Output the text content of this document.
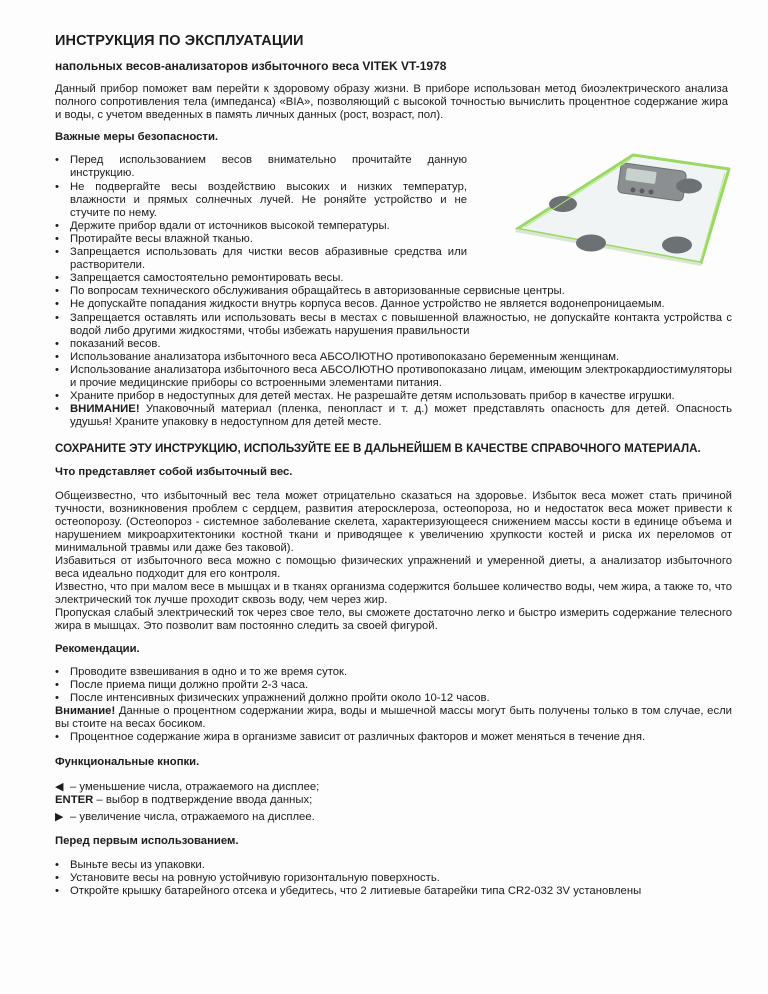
ИНСТРУКЦИЯ ПО ЭКСПЛУАТАЦИИ
напольных весов-анализаторов избыточного веса VITEK VT-1978

Данный прибор поможет вам перейти к здоровому образу жизни. В приборе использован метод биоэлектрического анализа полного сопротивления тела (импеданса) «BIA», позволяющий с высокой точностью вычислить процентное содержание жира и воды, с учетом введенных в память личных данных (рост, возраст, пол).

Важные меры безопасности.
• Перед использованием весов внимательно прочитайте данную инструкцию.
• Не подвергайте весы воздействию высоких и низких температур, влажности и прямых солнечных лучей. Не роняйте устройство и не стучите по нему.
• Держите прибор вдали от источников высокой температуры.
• Протирайте весы влажной тканью.
• Запрещается использовать для чистки весов абразивные средства или растворители.
• Запрещается самостоятельно ремонтировать весы.
• По вопросам технического обслуживания обращайтесь в авторизованные сервисные центры.
• Не допускайте попадания жидкости внутрь корпуса весов. Данное устройство не является водонепроницаемым.
• Запрещается оставлять или использовать весы в местах с повышенной влажностью, не допускайте контакта устройства с водой либо другими жидкостями, чтобы избежать нарушения правильности
• показаний весов.
• Использование анализатора избыточного веса АБСОЛЮТНО противопоказано беременным женщинам.
• Использование анализатора избыточного веса АБСОЛЮТНО противопоказано лицам, имеющим электрокардиостимуляторы и прочие медицинские приборы со встроенными элементами питания.
• Храните прибор в недоступных для детей местах. Не разрешайте детям использовать прибор в качестве игрушки.
• ВНИМАНИЕ! Упаковочный материал (пленка, пенопласт и т. д.) может представлять опасность для детей. Опасность удушья! Храните упаковку в недоступном для детей месте.
СОХРАНИТЕ ЭТУ ИНСТРУКЦИЮ, ИСПОЛЬЗУЙТЕ ЕЕ В ДАЛЬНЕЙШЕМ В КАЧЕСТВЕ СПРАВОЧНОГО МАТЕРИАЛА.
Что представляет собой избыточный вес.

Общеизвестно, что избыточный вес тела может отрицательно сказаться на здоровье. Избыток веса может стать причиной тучности, возникновения проблем с сердцем, развития атеросклероза, остеопороза, но и недостаток веса может привести к остеопорозу. (Остеопороз - системное заболевание скелета, характеризующееся снижением массы кости в единице объема и нарушением микроархитектоники костной ткани и приводящее к увеличению хрупкости костей и риска их переломов от минимальной травмы или даже без таковой).

Избавиться от избыточного веса можно с помощью физических упражнений и умеренной диеты, а анализатор избыточного веса идеально подходит для его контроля.

Известно, что при малом весе в мышцах и в тканях организма содержится большее количество воды, чем жира, а также то, что электрический ток лучше проходит сквозь воду, чем через жир.

Пропуская слабый электрический ток через свое тело, вы сможете достаточно легко и быстро измерить содержание телесного жира в мышцах. Это позволит вам постоянно следить за своей фигурой.

Рекомендации.
• Проводите взвешивания в одно и то же время суток.
• После приема пищи должно пройти 2-3 часа.
• После интенсивных физических упражнений должно пройти около 10-12 часов.

Внимание! Данные о процентном содержании жира, воды и мышечной массы могут быть получены только в том случае, если вы стоите на весах босиком.

• Процентное содержание жира в организме зависит от различных факторов и может меняться в течение дня.
Функциональные кнопки.
◀ – уменьшение числа, отражаемого на дисплее;
ENTER – выбор в подтверждение ввода данных;
▶ – увеличение числа, отражаемого на дисплее.
Перед первым использованием.
• Выньте весы из упаковки.
• Установите весы на ровную устойчивую горизонтальную поверхность.
• Откройте крышку батарейного отсека и убедитесь, что 2 литиевые батарейки типа CR2-032 3V установлены
